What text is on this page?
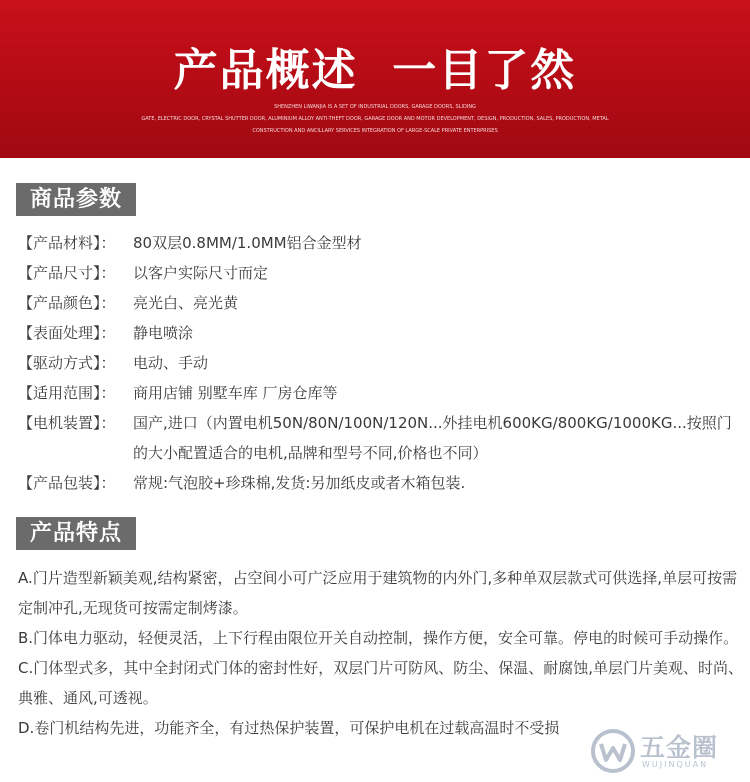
产品概述  一目了然
SHENZHEN LIWANJIA IS A SET OF INDUSTRIAL DOORS, GARAGE DOORS, SLIDING
GATE, ELECTRIC DOOR, CRYSTAL SHUTTER DOOR, ALUMINIUM ALLOY ANTI-THEFT DOOR, GARAGE DOOR AND MOTOR DEVELOPMENT, DESIGN, PRODUCTION, SALES, PRODUCTION, METAL
CONSTRUCTION AND ANCILLARY SERVICES INTEGRATION OF LARGE-SCALE PRIVATE ENTERPRISES
商品参数
【产品材料】： 80双层0.8MM/1.0MM铝合金型材
【产品尺寸】： 以客户实际尺寸而定
【产品颜色】： 亮光白、亮光黄
【表面处理】： 静电喷涂
【驱动方式】： 电动、手动
【适用范围】： 商用店铺 别墅车库 厂房仓库等
【电机装置】： 国产,进口（内置电机50N/80N/100N/120N...外挂电机600KG/800KG/1000KG...按照门的大小配置适合的电机,品牌和型号不同,价格也不同）
【产品包装】： 常规:气泡胶+珍珠棉,发货:另加纸皮或者木箱包装.
产品特点
A.门片造型新颖美观,结构紧密，占空间小可广泛应用于建筑物的内外门,多种单双层款式可供选择,单层可按需定制冲孔,无现货可按需定制烤漆。
B.门体电力驱动，轻便灵活，上下行程由限位开关自动控制，操作方便，安全可靠。停电的时候可手动操作。
C.门体型式多，其中全封闭式门体的密封性好，双层门片可防风、防尘、保温、耐腐蚀,单层门片美观、时尚、典雅、通风,可透视。
D.卷门机结构先进，功能齐全，有过热保护装置，可保护电机在过载高温时不受损
五金圈
WUJINQUAN
